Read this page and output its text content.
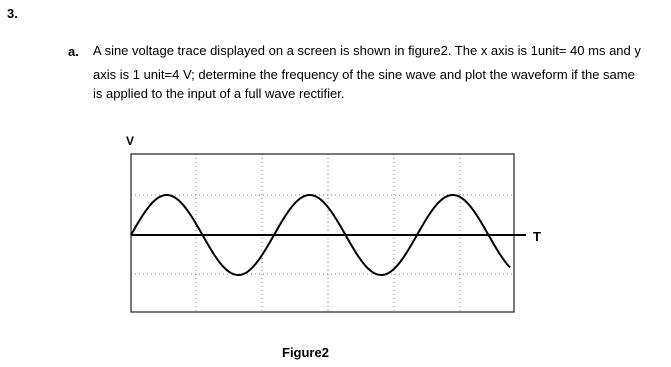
3.
a. A sine voltage trace displayed on a screen is shown in figure2. The x axis is 1unit= 40 ms and y
axis is 1 unit=4 V; determine the frequency of the sine wave and plot the waveform if the same
is applied to the input of a full wave rectifier.
V
T
Figure2
